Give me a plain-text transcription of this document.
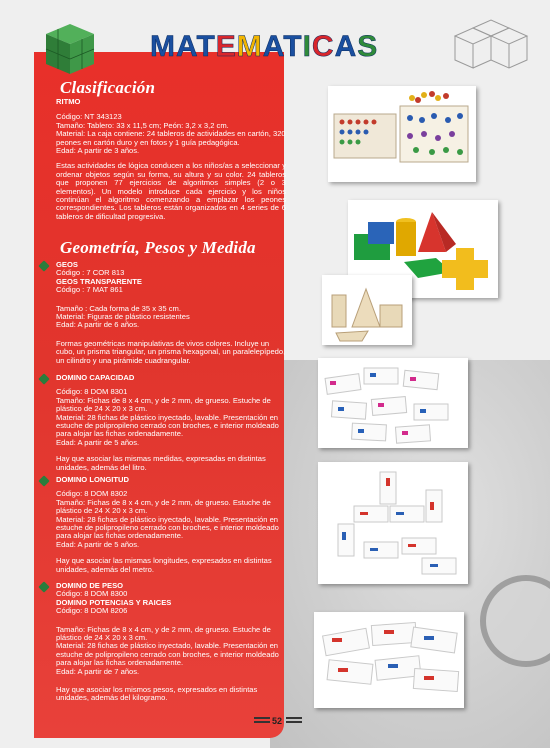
MATEMATICAS
Clasificación

RITMO

Código: NT 343123

Tamaño: Tablero: 33 x 11,5 cm; Peón: 3,2 x 3,2 cm.

Material: La caja contiene: 24 tableros de actividades en cartón, 320 peones en cartón duro y en fotos y 1 guía pedagógica.

Edad: A partir de 3 años.

Estas actividades de lógica conducen a los niños/as a seleccionar y ordenar objetos según su forma, su altura y su color. 24 tableros que proponen 77 ejercicios de algoritmos simples (2 o 3 elementos). Un modelo introduce cada ejercicio y los niños continúan el algoritmo comenzando a emplazar los peones correspondientes. Los tableros están organizados en 4 series de 6 tableros de dificultad progresiva.

Geometría, Pesos y Medida

GEOS

Código : 7 COR 813

GEOS TRANSPARENTE

Código : 7 MAT 861

Tamaño : Cada forma de 35 x 35 cm.

Material: Figuras de plástico resistentes

Edad: A partir de 6 años.

Formas geométricas manipulativas de vivos colores. Incluye un cubo, un prisma triangular, un prisma hexagonal, un paralelepípedo, un cilindro y una pirámide cuadrangular.

DOMINO CAPACIDAD

Código: 8 DOM 8301

Tamaño: Fichas de 8 x 4 cm, y de 2 mm, de grueso. Estuche de plástico de 24 X 20 x 3 cm.

Material: 28 fichas de plástico inyectado, lavable. Presentación en estuche de polipropileno cerrado con broches, e interior moldeado para alojar las fichas ordenadamente.

Edad: A partir de 5 años.

Hay que asociar las mismas medidas, expresadas en distintas unidades, además del litro.

DOMINO LONGITUD

Código: 8 DOM 8302

Tamaño: Fichas de 8 x 4 cm, y de 2 mm, de grueso. Estuche de plástico de 24 X 20 x 3 cm.

Material: 28 fichas de plástico inyectado, lavable. Presentación en estuche de polipropileno cerrado con broches, e interior moldeado para alojar las fichas ordenadamente.

Edad: A partir de 5 años.

Hay que asociar las mismas longitudes, expresados en distintas unidades, además del metro.

DOMINO DE PESO

Código: 8 DOM 8300

DOMINO POTENCIAS Y RAICES

Código: 8 DOM 8206

Tamaño: Fichas de 8 x 4 cm, y de 2 mm, de grueso. Estuche de plástico de 24 X 20 x 3 cm.

Material: 28 fichas de plástico inyectado, lavable. Presentación en estuche de polipropileno cerrado con broches, e interior moldeado para alojar las fichas ordenadamente.

Edad: A partir de 7 años.

Hay que asociar los mismos pesos, expresados en distintas unidades, además del kilogramo.

52
